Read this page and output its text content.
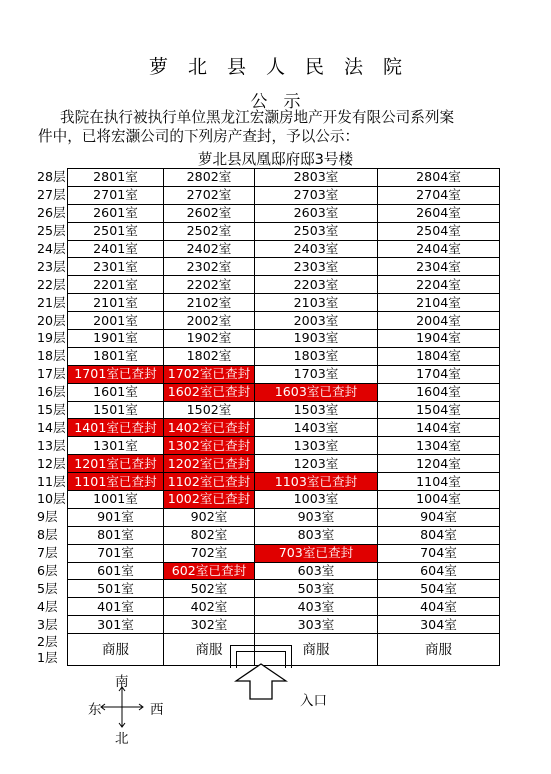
萝北县人民法院
公示
我院在执行被执行单位黑龙江宏灏房地产开发有限公司系列案
件中，已将宏灏公司的下列房产查封，予以公示：
萝北县凤凰邸府邸3号楼
28层	2801室	2802室	2803室	2804室
27层	2701室	2702室	2703室	2704室
26层	2601室	2602室	2603室	2604室
25层	2501室	2502室	2503室	2504室
24层	2401室	2402室	2403室	2404室
23层	2301室	2302室	2303室	2304室
22层	2201室	2202室	2203室	2204室
21层	2101室	2102室	2103室	2104室
20层	2001室	2002室	2003室	2004室
19层	1901室	1902室	1903室	1904室
18层	1801室	1802室	1803室	1804室
17层	1701室已查封	1702室已查封	1703室	1704室
16层	1601室	1602室已查封	1603室已查封	1604室
15层	1501室	1502室	1503室	1504室
14层	1401室已查封	1402室已查封	1403室	1404室
13层	1301室	1302室已查封	1303室	1304室
12层	1201室已查封	1202室已查封	1203室	1204室
11层	1101室已查封	1102室已查封	1103室已查封	1104室
10层	1001室	1002室已查封	1003室	1004室
9层	901室	902室	903室	904室
8层	801室	802室	803室	804室
7层	701室	702室	703室已查封	704室
6层	601室	602室已查封	603室	604室
5层	501室	502室	503室	504室
4层	401室	402室	403室	404室
3层	301室	302室	303室	304室
2层
1层	商服	商服	商服	商服
入口
南
北
东	西
